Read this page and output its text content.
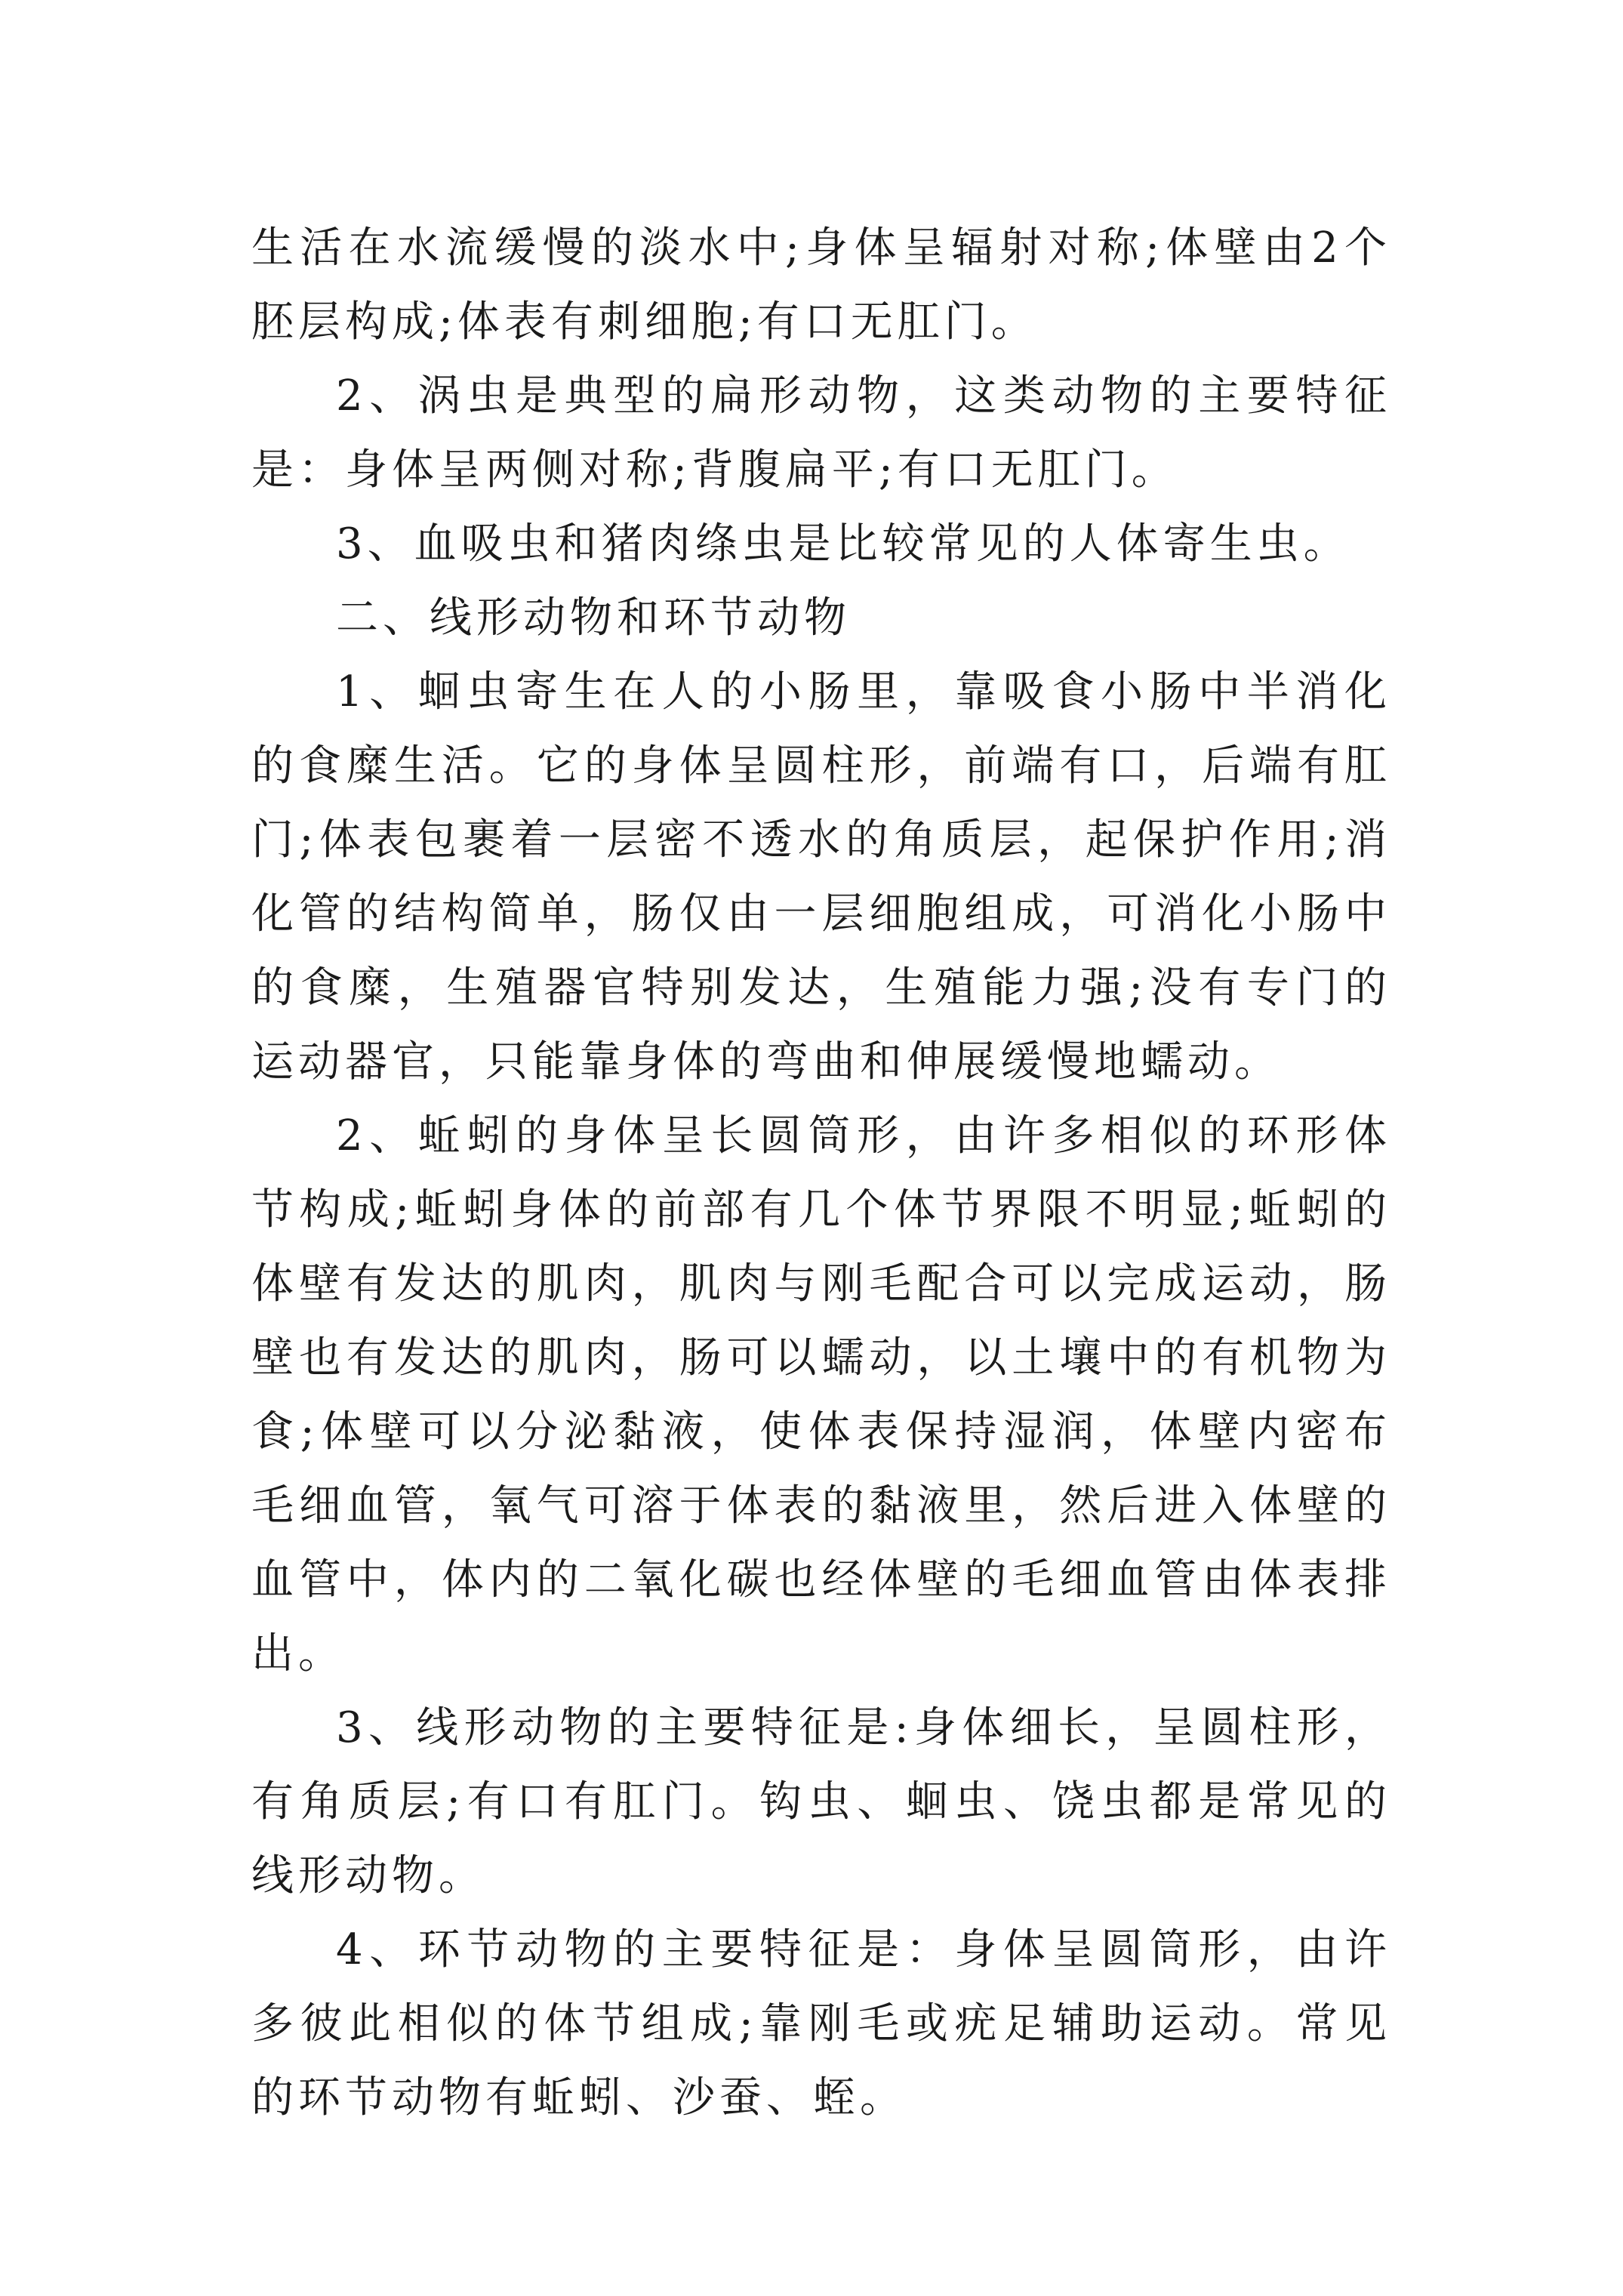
生活在水流缓慢的淡水中;身体呈辐射对称;体壁由2个胚层构成;体表有刺细胞;有口无肛门。

2、涡虫是典型的扁形动物，这类动物的主要特征是：身体呈两侧对称;背腹扁平;有口无肛门。

3、血吸虫和猪肉绦虫是比较常见的人体寄生虫。

二、线形动物和环节动物

1、蛔虫寄生在人的小肠里，靠吸食小肠中半消化的食糜生活。它的身体呈圆柱形，前端有口，后端有肛门;体表包裹着一层密不透水的角质层，起保护作用;消化管的结构简单，肠仅由一层细胞组成，可消化小肠中的食糜，生殖器官特别发达，生殖能力强;没有专门的运动器官，只能靠身体的弯曲和伸展缓慢地蠕动。

2、蚯蚓的身体呈长圆筒形，由许多相似的环形体节构成;蚯蚓身体的前部有几个体节界限不明显;蚯蚓的体壁有发达的肌肉，肌肉与刚毛配合可以完成运动，肠壁也有发达的肌肉，肠可以蠕动，以土壤中的有机物为食;体壁可以分泌黏液，使体表保持湿润，体壁内密布毛细血管，氧气可溶于体表的黏液里，然后进入体壁的血管中，体内的二氧化碳也经体壁的毛细血管由体表排出。

3、线形动物的主要特征是:身体细长，呈圆柱形，有角质层;有口有肛门。钩虫、蛔虫、饶虫都是常见的线形动物。

4、环节动物的主要特征是：身体呈圆筒形，由许多彼此相似的体节组成;靠刚毛或疣足辅助运动。常见的环节动物有蚯蚓、沙蚕、蛭。
